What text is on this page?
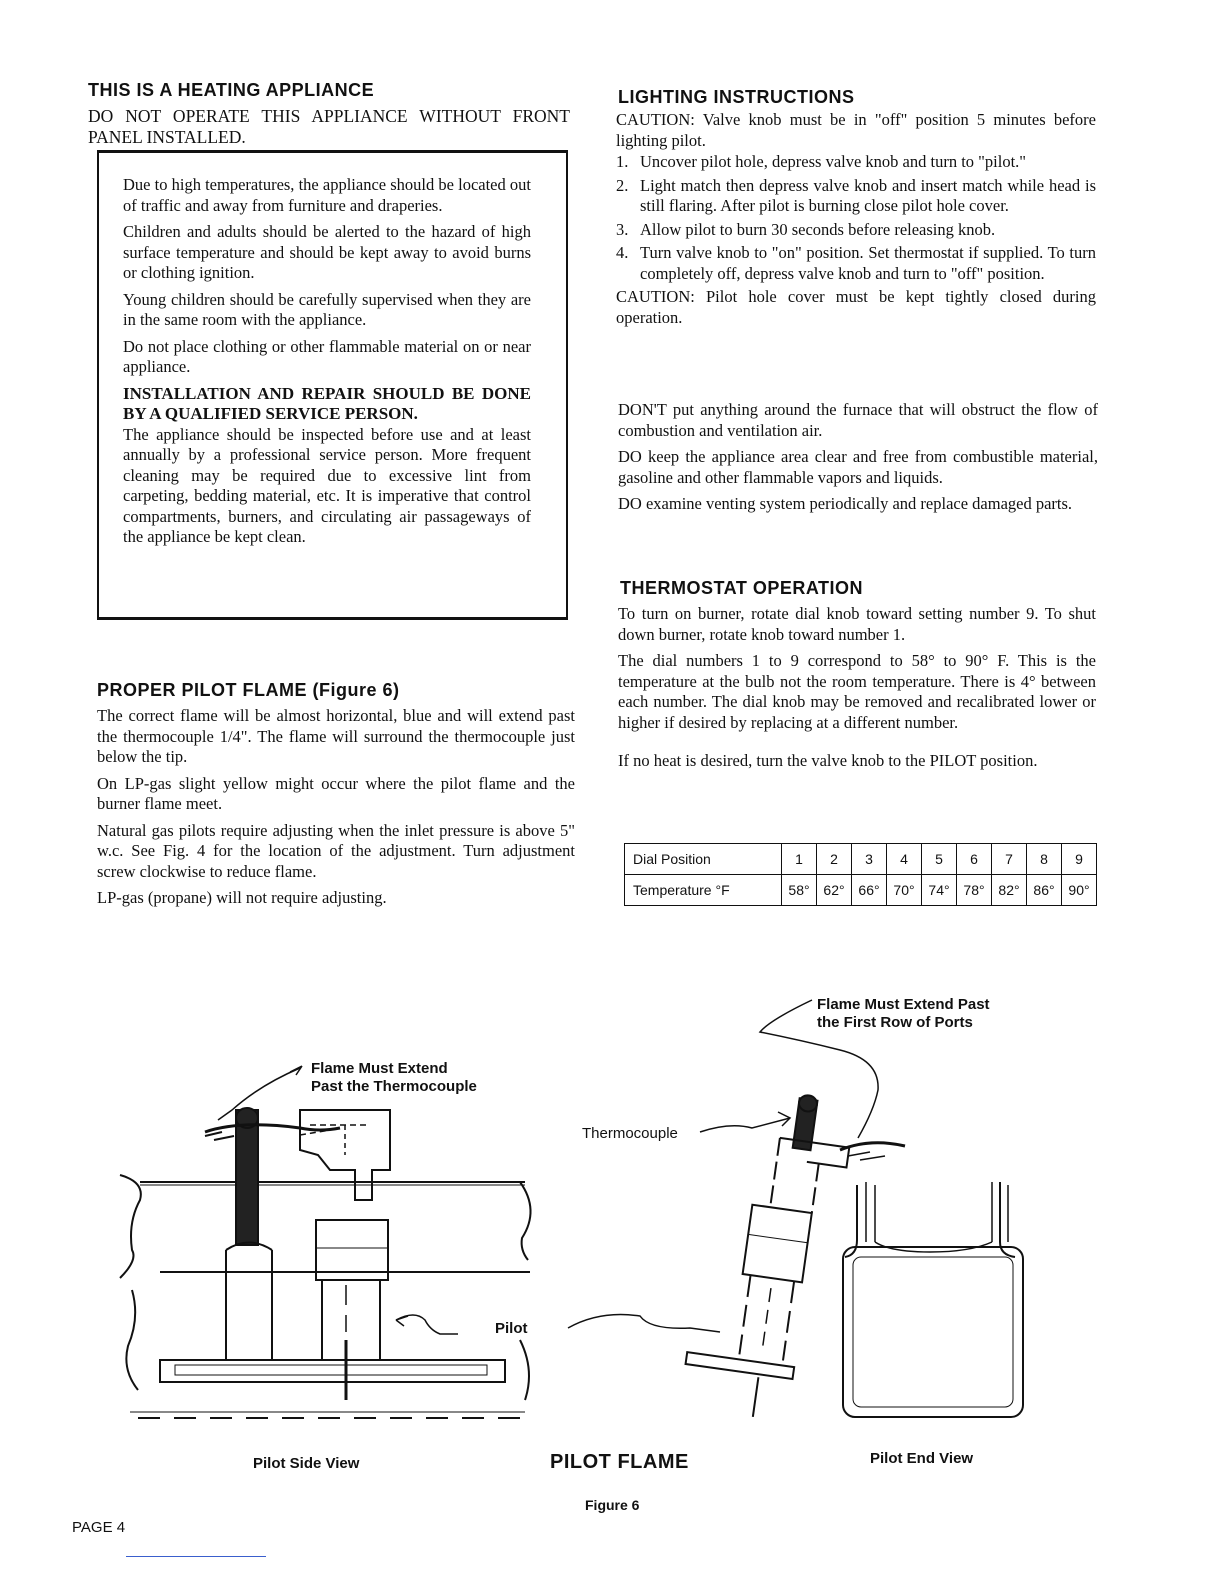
THIS IS A HEATING APPLIANCE

DO NOT OPERATE THIS APPLIANCE WITHOUT FRONT PANEL INSTALLED.

Due to high temperatures, the appliance should be located out of traffic and away from furniture and draperies.

Children and adults should be alerted to the hazard of high surface temperature and should be kept away to avoid burns or clothing ignition.

Young children should be carefully supervised when they are in the same room with the appliance.

Do not place clothing or other flammable material on or near appliance.

INSTALLATION AND REPAIR SHOULD BE DONE BY A QUALIFIED SERVICE PERSON.

The appliance should be inspected before use and at least annually by a professional service person. More frequent cleaning may be required due to excessive lint from carpeting, bedding material, etc. It is imperative that control compartments, burners, and circulating air passageways of the appliance be kept clean.

PROPER PILOT FLAME (Figure 6)

The correct flame will be almost horizontal, blue and will extend past the thermocouple 1/4". The flame will surround the thermocouple just below the tip.

On LP-gas slight yellow might occur where the pilot flame and the burner flame meet.

Natural gas pilots require adjusting when the inlet pressure is above 5" w.c. See Fig. 4 for the location of the adjustment. Turn adjustment screw clockwise to reduce flame.

LP-gas (propane) will not require adjusting.

LIGHTING INSTRUCTIONS

CAUTION: Valve knob must be in "off" position 5 minutes before lighting pilot.

1. Uncover pilot hole, depress valve knob and turn to "pilot."
2. Light match then depress valve knob and insert match while head is still flaring. After pilot is burning close pilot hole cover.
3. Allow pilot to burn 30 seconds before releasing knob.
4. Turn valve knob to "on" position. Set thermostat if supplied. To turn completely off, depress valve knob and turn to "off" position.

CAUTION: Pilot hole cover must be kept tightly closed during operation.

DON'T put anything around the furnace that will obstruct the flow of combustion and ventilation air.

DO keep the appliance area clear and free from combustible material, gasoline and other flammable vapors and liquids.

DO examine venting system periodically and replace damaged parts.

THERMOSTAT OPERATION

To turn on burner, rotate dial knob toward setting number 9. To shut down burner, rotate knob toward number 1.

The dial numbers 1 to 9 correspond to 58° to 90° F. This is the temperature at the bulb not the room temperature. There is 4° between each number. The dial knob may be removed and recalibrated lower or higher if desired by replacing at a different number.

If no heat is desired, turn the valve knob to the PILOT position.

Dial Position	1	2	3	4	5	6	7	8	9
Temperature °F	58°	62°	66°	70°	74°	78°	82°	86°	90°
Flame Must Extend
Past the Thermocouple
Flame Must Extend Past
the First Row of Ports
Thermocouple
Pilot
Pilot Side View	PILOT FLAME	Pilot End View
Figure 6
PAGE 4
